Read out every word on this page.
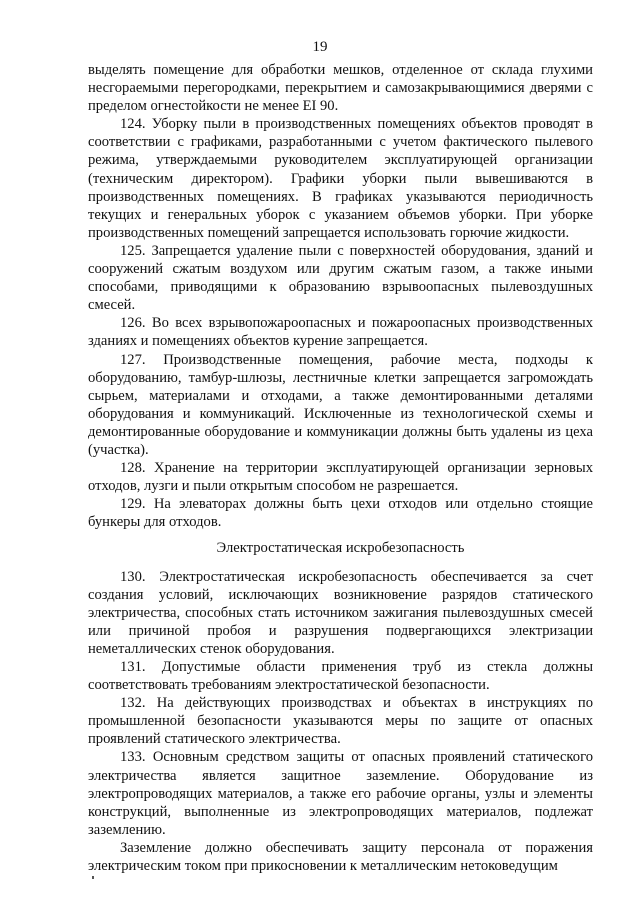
19

выделять помещение для обработки мешков, отделенное от склада глухими несгораемыми перегородками, перекрытием и самозакрывающимися дверями с пределом огнестойкости не менее EI 90.

124. Уборку пыли в производственных помещениях объектов проводят в соответствии с графиками, разработанными с учетом фактического пылевого режима, утверждаемыми руководителем эксплуатирующей организации (техническим директором). Графики уборки пыли вывешиваются в производственных помещениях. В графиках указываются периодичность текущих и генеральных уборок с указанием объемов уборки. При уборке производственных помещений запрещается использовать горючие жидкости.

125. Запрещается удаление пыли с поверхностей оборудования, зданий и сооружений сжатым воздухом или другим сжатым газом, а также иными способами, приводящими к образованию взрывоопасных пылевоздушных смесей.

126. Во всех взрывопожароопасных и пожароопасных производственных зданиях и помещениях объектов курение запрещается.

127. Производственные помещения, рабочие места, подходы к оборудованию, тамбур-шлюзы, лестничные клетки запрещается загромождать сырьем, материалами и отходами, а также демонтированными деталями оборудования и коммуникаций. Исключенные из технологической схемы и демонтированные оборудование и коммуникации должны быть удалены из цеха (участка).

128. Хранение на территории эксплуатирующей организации зерновых отходов, лузги и пыли открытым способом не разрешается.

129. На элеваторах должны быть цехи отходов или отдельно стоящие бункеры для отходов.

Электростатическая искробезопасность

130. Электростатическая искробезопасность обеспечивается за счет создания условий, исключающих возникновение разрядов статического электричества, способных стать источником зажигания пылевоздушных смесей или причиной пробоя и разрушения подвергающихся электризации неметаллических стенок оборудования.

131. Допустимые области применения труб из стекла должны соответствовать требованиям электростатической безопасности.

132. На действующих производствах и объектах в инструкциях по промышленной безопасности указываются меры по защите от опасных проявлений статического электричества.

133. Основным средством защиты от опасных проявлений статического электричества является защитное заземление. Оборудование из электропроводящих материалов, а также его рабочие органы, узлы и элементы конструкций, выполненные из электропроводящих материалов, подлежат заземлению.

Заземление должно обеспечивать защиту персонала от поражения электрическим током при прикосновении к металлическим нетоковедущим
